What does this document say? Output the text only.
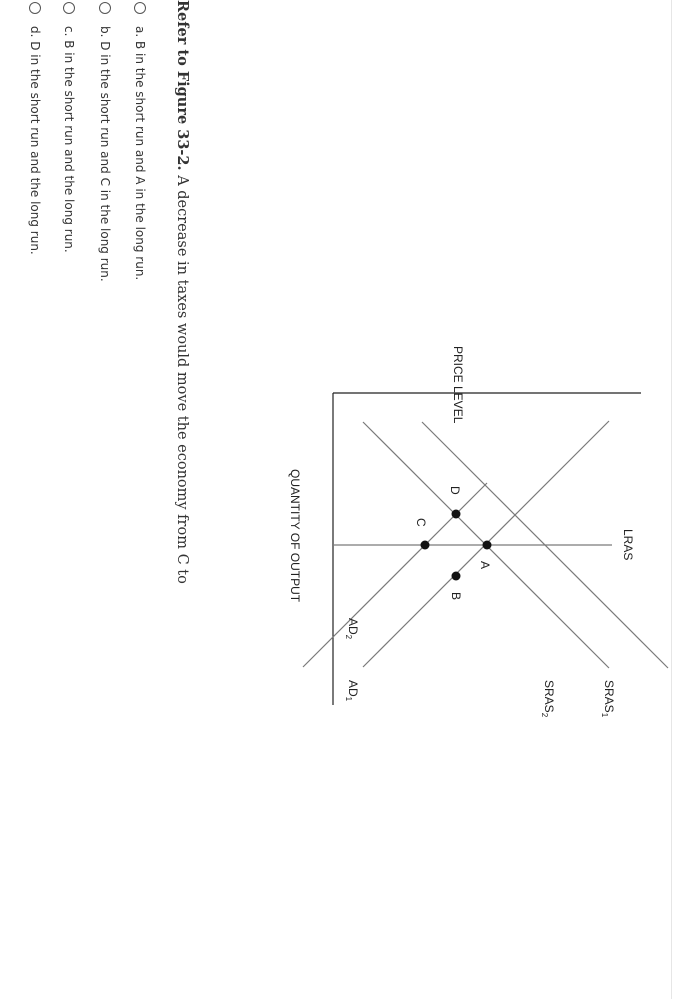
A
B
C
D
LRAS
$SRAS_1$
$SRAS_2$
$AD_1$
$AD_2$
PRICE LEVEL
QUANTITY OF OUTPUT
Refer to Figure 33-2. A decrease in taxes would move the economy from C to
a. B in the short run and A in the long run.
b. D in the short run and C in the long run.
c. B in the short run and the long run.
d. D in the short run and the long run.
